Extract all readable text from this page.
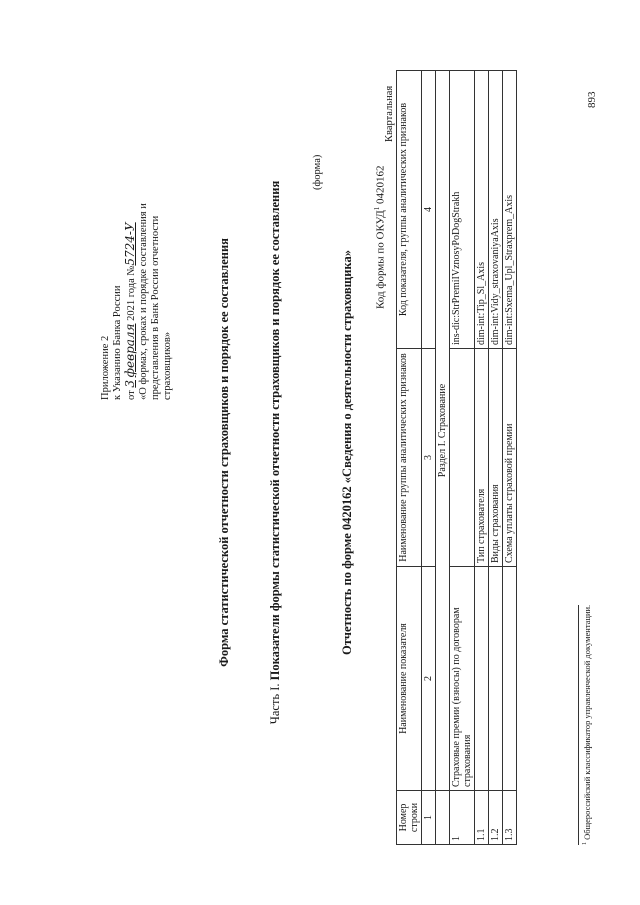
Приложение 2 к Указанию Банка России от 3 февраля 2021 года №5724-У «О формах, сроках и порядке составления и представления в Банк России отчетности страховщиков»	Форма статистической отчетности страховщиков и порядок ее составления
Часть I. Показатели формы статистической отчетности страховщиков и порядок ее составления
(форма)
Отчетность по форме 0420162 «Сведения о деятельности страховщика» Код формы по ОКУД$^1$ 0420162
Квартальная
Номер строки	Наименование показателя	Наименование группы аналитических признаков	Код показателя, группы аналитических признаков
1	2	3	4
	Раздел I. Страхование		
1	Страховые премии (взносы) по договорам страхования		ins-dic:StrPremiIVznosyPoDogStrakh
1.1		Тип страхователя	dim-int:Tip_Sl_Axis
1.2		Виды страхования	dim-int:Vidy_straxovaniyaAxis
1.3		Схема уплаты страховой премии	dim-int:Sxema_Upl_Straxprem_Axis
$^1$ Общероссийский классификатор управленческой документации.
893
